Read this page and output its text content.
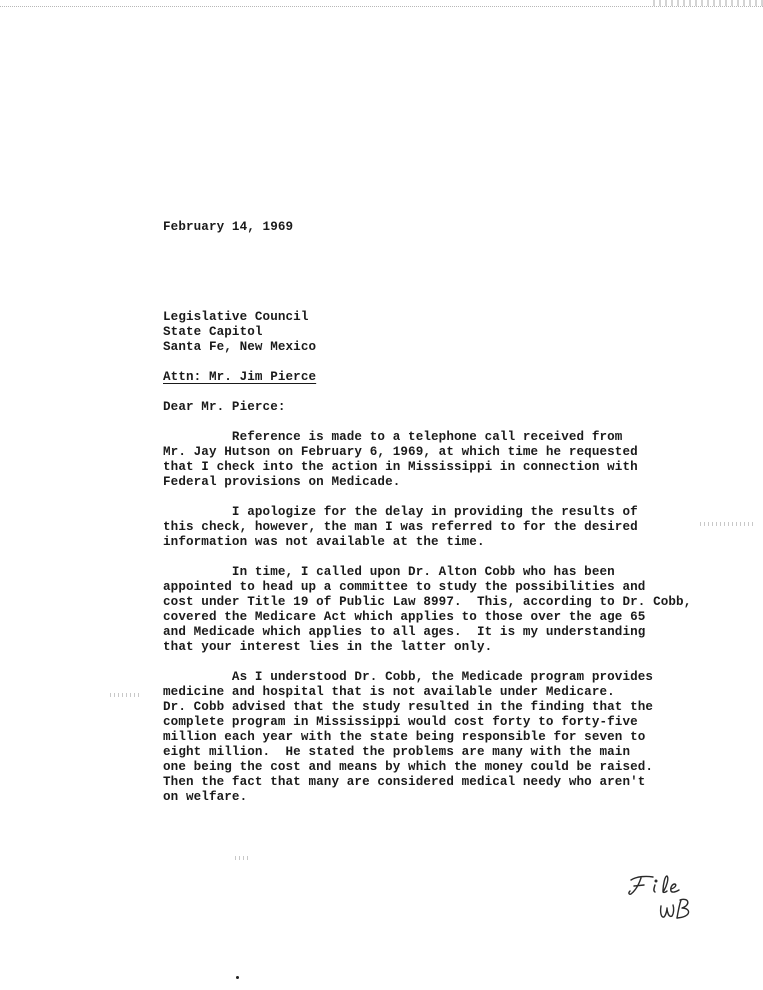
February 14, 1969
Legislative Council
State Capitol
Santa Fe, New Mexico
Attn: Mr. Jim Pierce
Dear Mr. Pierce:
Reference is made to a telephone call received from
Mr. Jay Hutson on February 6, 1969, at which time he requested
that I check into the action in Mississippi in connection with
Federal provisions on Medicade.
I apologize for the delay in providing the results of
this check, however, the man I was referred to for the desired
information was not available at the time.
In time, I called upon Dr. Alton Cobb who has been
appointed to head up a committee to study the possibilities and
cost under Title 19 of Public Law 8997.  This, according to Dr. Cobb,
covered the Medicare Act which applies to those over the age 65
and Medicade which applies to all ages.  It is my understanding
that your interest lies in the latter only.
As I understood Dr. Cobb, the Medicade program provides
medicine and hospital that is not available under Medicare.
Dr. Cobb advised that the study resulted in the finding that the
complete program in Mississippi would cost forty to forty-five
million each year with the state being responsible for seven to
eight million.  He stated the problems are many with the main
one being the cost and means by which the money could be raised.
Then the fact that many are considered medical needy who aren't
on welfare.
